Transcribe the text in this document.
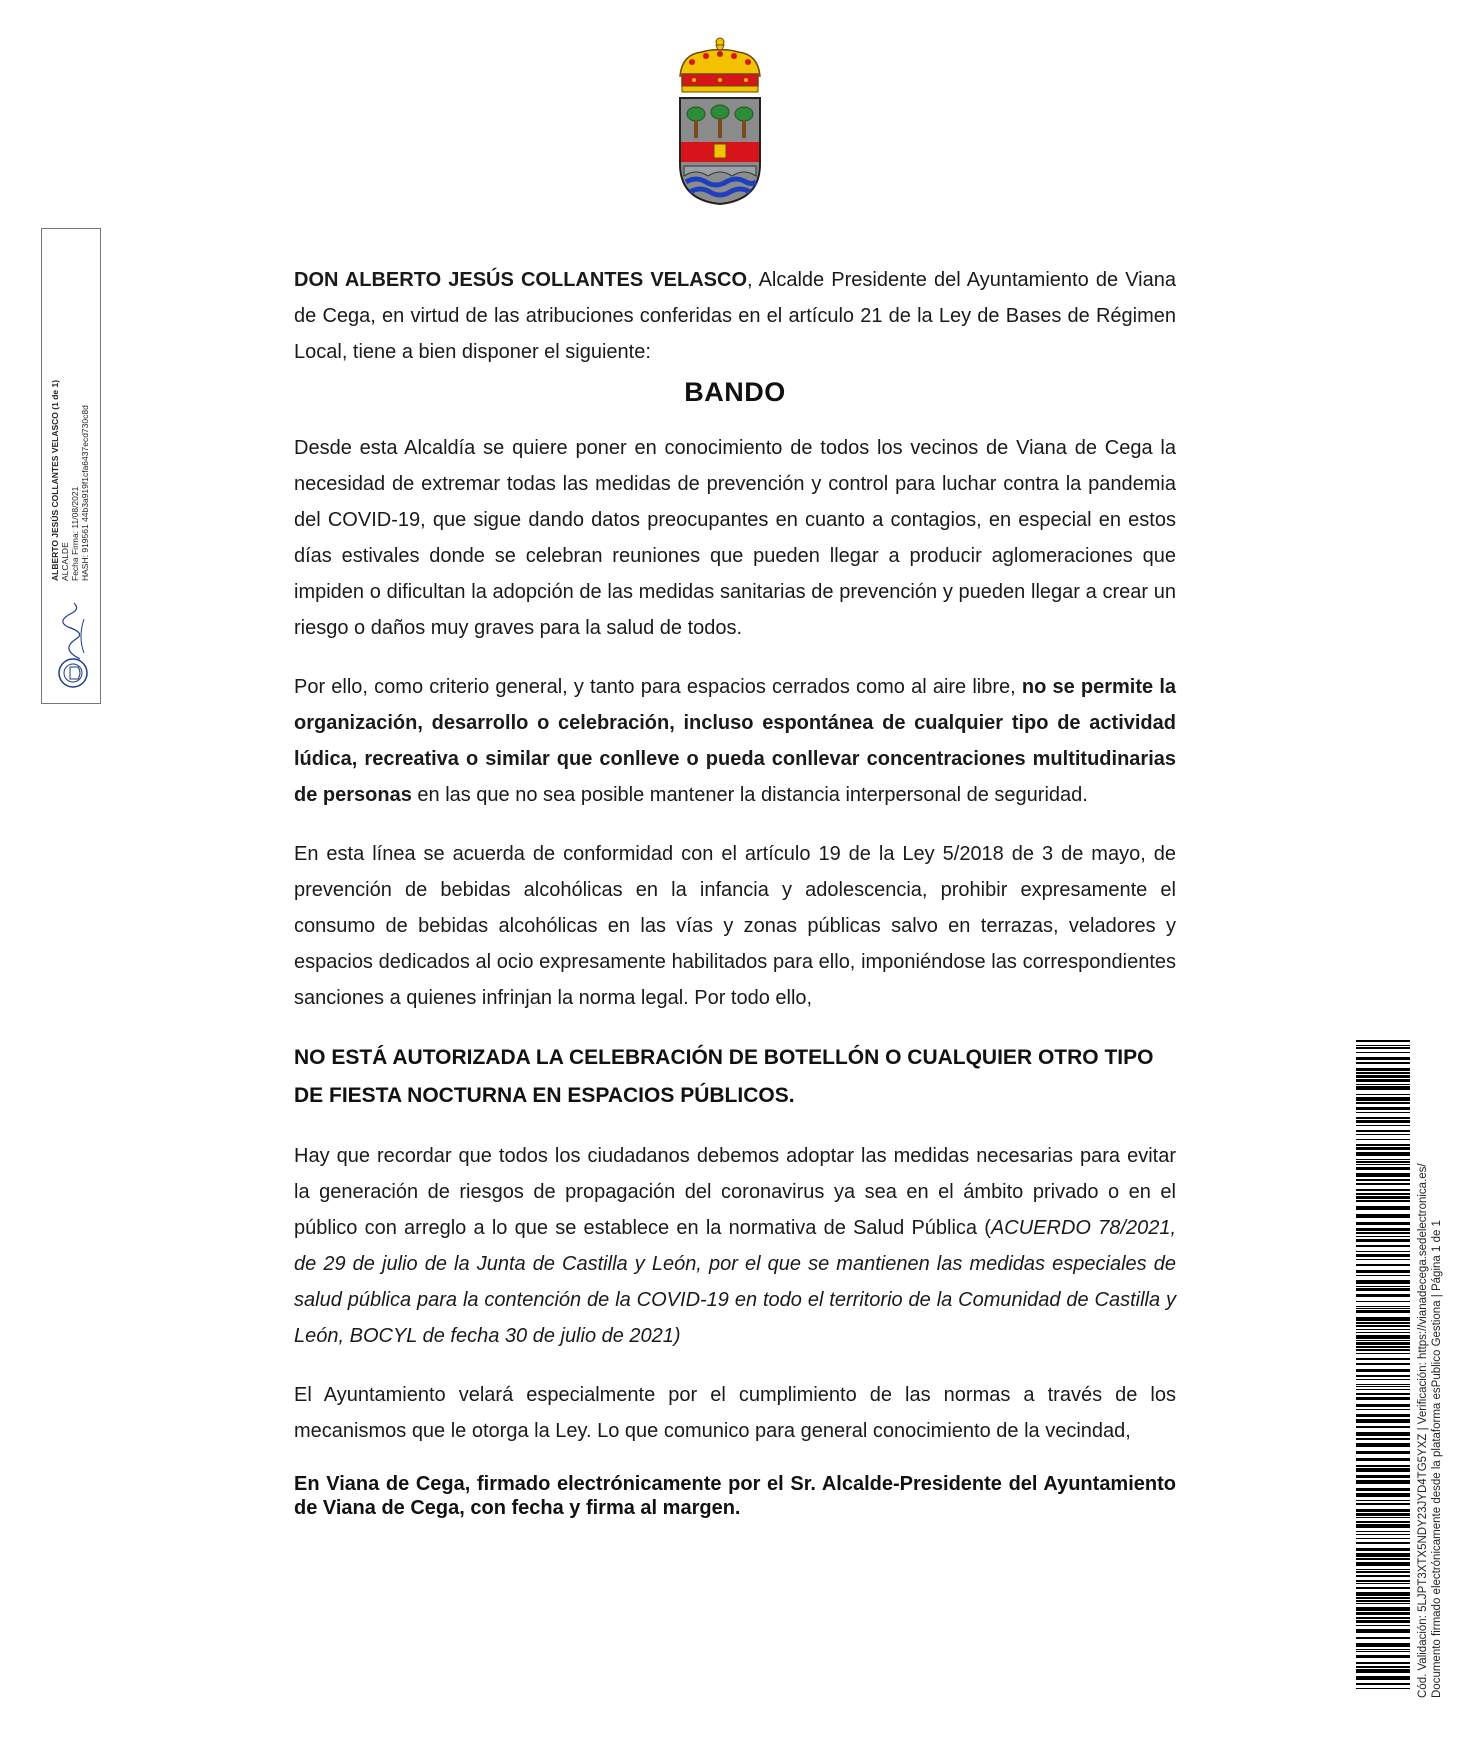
ALBERTO JESÚS COLLANTES VELASCO (1 de 1) ALCALDE Fecha Firma: 11/08/2021 HASH: 919561 44b3a919f1cfa6437ecd730c8d

DON ALBERTO JESÚS COLLANTES VELASCO, Alcalde Presidente del Ayuntamiento de Viana de Cega, en virtud de las atribuciones conferidas en el artículo 21 de la Ley de Bases de Régimen Local, tiene a bien disponer el siguiente:

BANDO

Desde esta Alcaldía se quiere poner en conocimiento de todos los vecinos de Viana de Cega la necesidad de extremar todas las medidas de prevención y control para luchar contra la pandemia del COVID-19, que sigue dando datos preocupantes en cuanto a contagios, en especial en estos días estivales donde se celebran reuniones que pueden llegar a producir aglomeraciones que impiden o dificultan la adopción de las medidas sanitarias de prevención y pueden llegar a crear un riesgo o daños muy graves para la salud de todos.

Por ello, como criterio general, y tanto para espacios cerrados como al aire libre, no se permite la organización, desarrollo o celebración, incluso espontánea de cualquier tipo de actividad lúdica, recreativa o similar que conlleve o pueda conllevar concentraciones multitudinarias de personas en las que no sea posible mantener la distancia interpersonal de seguridad.

En esta línea se acuerda de conformidad con el artículo 19 de la Ley 5/2018 de 3 de mayo, de prevención de bebidas alcohólicas en la infancia y adolescencia, prohibir expresamente el consumo de bebidas alcohólicas en las vías y zonas públicas salvo en terrazas, veladores y espacios dedicados al ocio expresamente habilitados para ello, imponiéndose las correspondientes sanciones a quienes infrinjan la norma legal. Por todo ello,

NO ESTÁ AUTORIZADA LA CELEBRACIÓN DE BOTELLÓN O CUALQUIER OTRO TIPO DE FIESTA NOCTURNA EN ESPACIOS PÚBLICOS.

Hay que recordar que todos los ciudadanos debemos adoptar las medidas necesarias para evitar la generación de riesgos de propagación del coronavirus ya sea en el ámbito privado o en el público con arreglo a lo que se establece en la normativa de Salud Pública (ACUERDO 78/2021, de 29 de julio de la Junta de Castilla y León, por el que se mantienen las medidas especiales de salud pública para la contención de la COVID-19 en todo el territorio de la Comunidad de Castilla y León, BOCYL de fecha 30 de julio de 2021)

El Ayuntamiento velará especialmente por el cumplimiento de las normas a través de los mecanismos que le otorga la Ley. Lo que comunico para general conocimiento de la vecindad,

En Viana de Cega, firmado electrónicamente por el Sr. Alcalde-Presidente del Ayuntamiento de Viana de Cega, con fecha y firma al margen.	Cód. Validación: 5LJPT3XTX5NDY23JYD4TG5YXZ | Verificación: https://vianadecega.sedelectronica.es/ Documento firmado electrónicamente desde la plataforma esPublico Gestiona | Página 1 de 1
